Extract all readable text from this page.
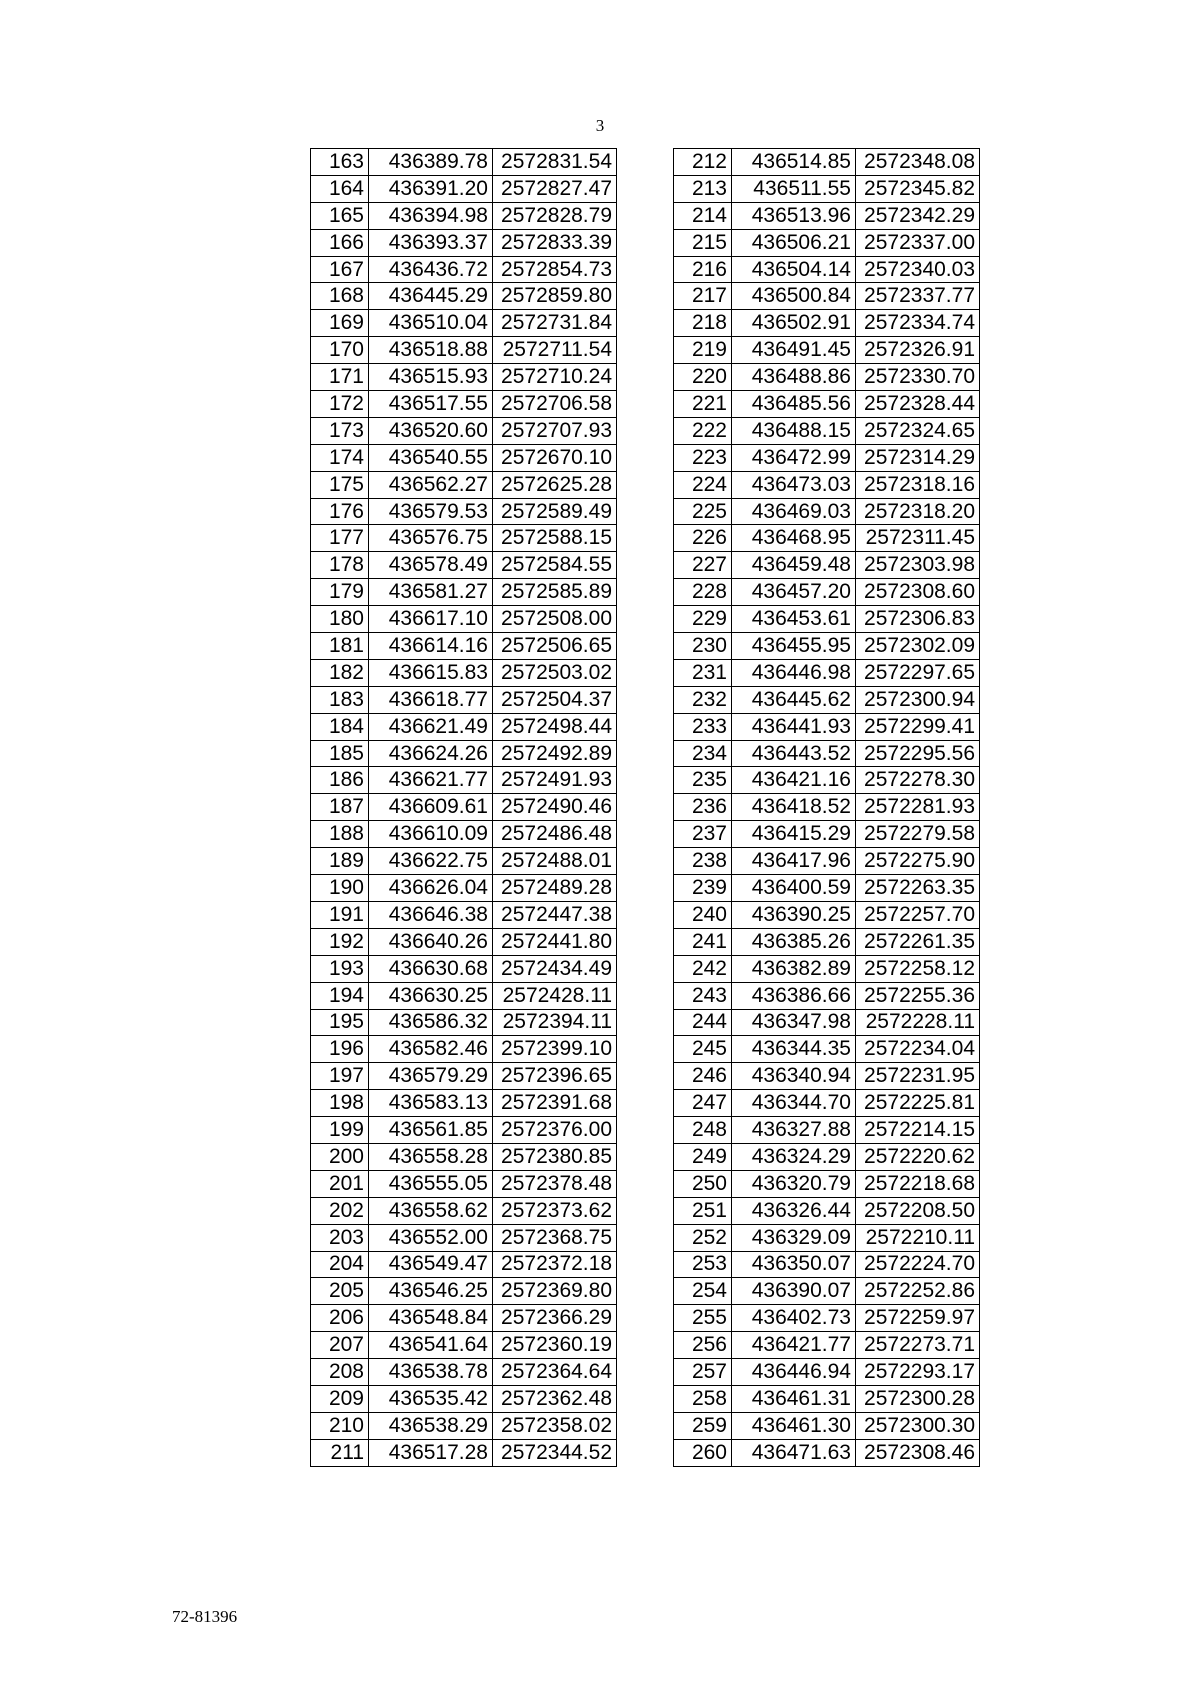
3
163	436389.78	2572831.54
164	436391.20	2572827.47
165	436394.98	2572828.79
166	436393.37	2572833.39
167	436436.72	2572854.73
168	436445.29	2572859.80
169	436510.04	2572731.84
170	436518.88	2572711.54
171	436515.93	2572710.24
172	436517.55	2572706.58
173	436520.60	2572707.93
174	436540.55	2572670.10
175	436562.27	2572625.28
176	436579.53	2572589.49
177	436576.75	2572588.15
178	436578.49	2572584.55
179	436581.27	2572585.89
180	436617.10	2572508.00
181	436614.16	2572506.65
182	436615.83	2572503.02
183	436618.77	2572504.37
184	436621.49	2572498.44
185	436624.26	2572492.89
186	436621.77	2572491.93
187	436609.61	2572490.46
188	436610.09	2572486.48
189	436622.75	2572488.01
190	436626.04	2572489.28
191	436646.38	2572447.38
192	436640.26	2572441.80
193	436630.68	2572434.49
194	436630.25	2572428.11
195	436586.32	2572394.11
196	436582.46	2572399.10
197	436579.29	2572396.65
198	436583.13	2572391.68
199	436561.85	2572376.00
200	436558.28	2572380.85
201	436555.05	2572378.48
202	436558.62	2572373.62
203	436552.00	2572368.75
204	436549.47	2572372.18
205	436546.25	2572369.80
206	436548.84	2572366.29
207	436541.64	2572360.19
208	436538.78	2572364.64
209	436535.42	2572362.48
210	436538.29	2572358.02
211	436517.28	2572344.52
212	436514.85	2572348.08
213	436511.55	2572345.82
214	436513.96	2572342.29
215	436506.21	2572337.00
216	436504.14	2572340.03
217	436500.84	2572337.77
218	436502.91	2572334.74
219	436491.45	2572326.91
220	436488.86	2572330.70
221	436485.56	2572328.44
222	436488.15	2572324.65
223	436472.99	2572314.29
224	436473.03	2572318.16
225	436469.03	2572318.20
226	436468.95	2572311.45
227	436459.48	2572303.98
228	436457.20	2572308.60
229	436453.61	2572306.83
230	436455.95	2572302.09
231	436446.98	2572297.65
232	436445.62	2572300.94
233	436441.93	2572299.41
234	436443.52	2572295.56
235	436421.16	2572278.30
236	436418.52	2572281.93
237	436415.29	2572279.58
238	436417.96	2572275.90
239	436400.59	2572263.35
240	436390.25	2572257.70
241	436385.26	2572261.35
242	436382.89	2572258.12
243	436386.66	2572255.36
244	436347.98	2572228.11
245	436344.35	2572234.04
246	436340.94	2572231.95
247	436344.70	2572225.81
248	436327.88	2572214.15
249	436324.29	2572220.62
250	436320.79	2572218.68
251	436326.44	2572208.50
252	436329.09	2572210.11
253	436350.07	2572224.70
254	436390.07	2572252.86
255	436402.73	2572259.97
256	436421.77	2572273.71
257	436446.94	2572293.17
258	436461.31	2572300.28
259	436461.30	2572300.30
260	436471.63	2572308.46
72-81396
